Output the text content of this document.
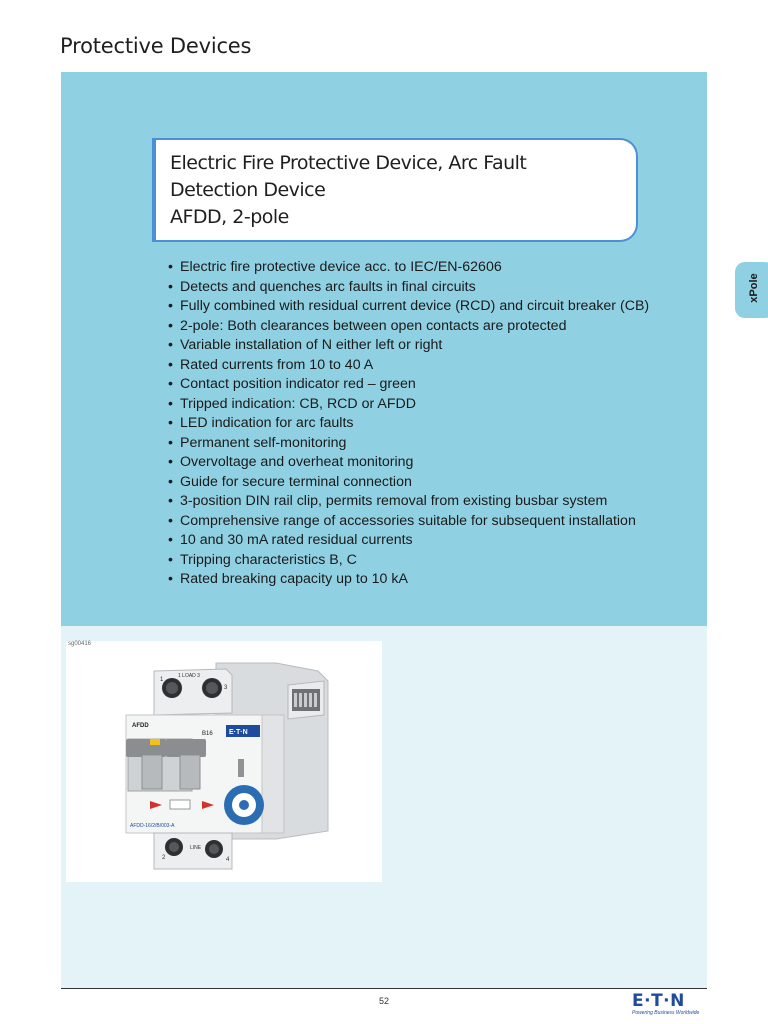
Protective Devices
Electric Fire Protective Device, Arc Fault
Detection Device
AFDD, 2-pole
• Electric fire protective device acc. to IEC/EN-62606
• Detects and quenches arc faults in final circuits
• Fully combined with residual current device (RCD) and circuit breaker (CB)
• 2-pole: Both clearances between open contacts are protected
• Variable installation of N either left or right
• Rated currents from 10 to 40 A
• Contact position indicator red – green
• Tripped indication: CB, RCD or AFDD
• LED indication for arc faults
• Permanent self-monitoring
• Overvoltage and overheat monitoring
• Guide for secure terminal connection
• 3-position DIN rail clip, permits removal from existing busbar system
• Comprehensive range of accessories suitable for subsequent installation
• 10 and 30 mA rated residual currents
• Tripping characteristics B, C
• Rated breaking capacity up to 10 kA
xPole
sg00416
1
3
1 LOAD 3
AFDD
B16 E·T·N
AFDD-16/2/B/003-A
LINE
2	4
52	E·T·N
Powering Business Worldwide
